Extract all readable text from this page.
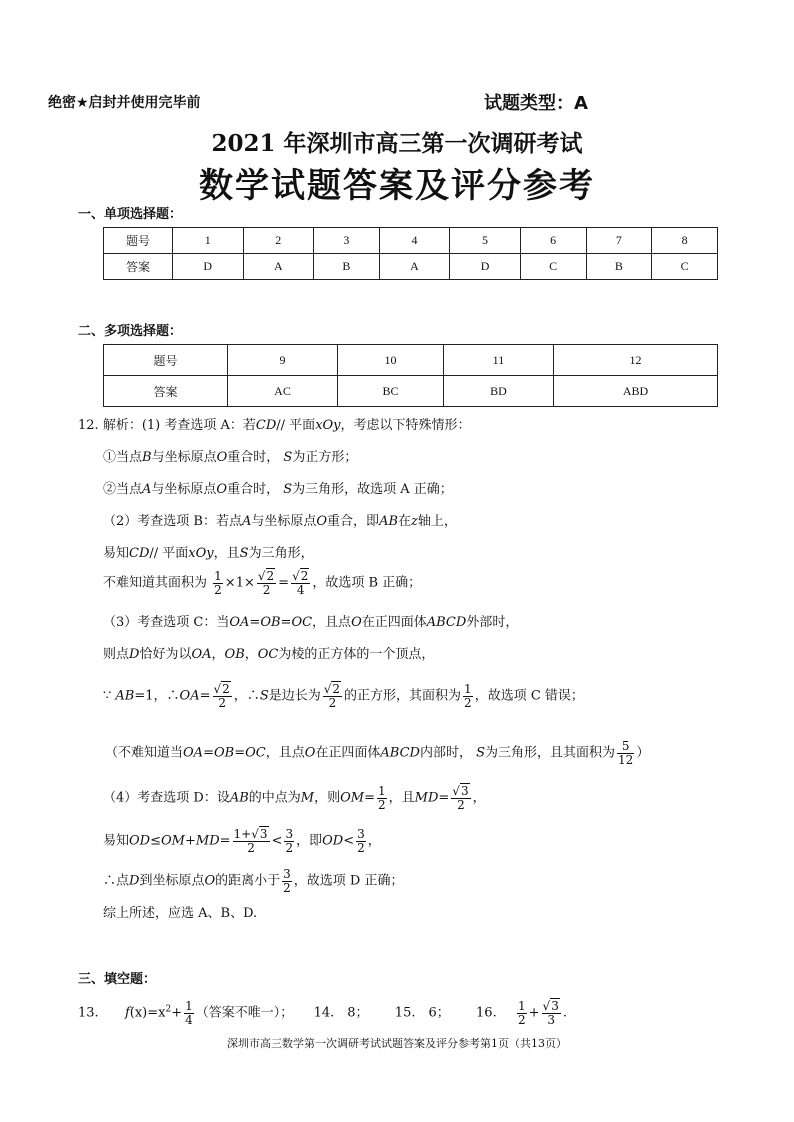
绝密★启封并使用完毕前	试题类型：A
2021 年深圳市高三第一次调研考试
数学试题答案及评分参考
一、单项选择题：
题号	1	2	3	4	5	6	7	8
答案	D	A	B	A	D	C	B	C
二、多项选择题：
题号	9	10	11	12
答案	AC	BC	BD	ABD
12. 解析：(1) 考查选项 A：若CD// 平面xOy，考虑以下特殊情形：
①当点B与坐标原点O重合时， S为正方形；
②当点A与坐标原点O重合时， S为三角形，故选项 A 正确；
（2）考查选项 B：若点A与坐标原点O重合，即AB在z轴上，
易知CD// 平面xOy，且S为三角形，
不难知道其面积为 $\frac{1}{2} \times 1\times \frac{√2}{2} = \frac{√2}{4}$ ，故选项 B 正确；
（3）考查选项 C：当OA=OB=OC，且点O在正四面体ABCD外部时，
则点D恰好为以OA，OB，OC为棱的正方体的一个顶点，
∵ AB=1，∴OA= $\frac{√2}{2}$ ，∴S是边长为 $\frac{√2}{2}$ 的正方形，其面积为 $\frac{1}{2}$ ，故选项 C 错误；
（不难知道当OA=OB=OC，且点O在正四面体ABCD内部时， S为三角形，且其面积为 $\frac{5}{12}$ ）
（4）考查选项 D：设AB的中点为M，则$OM= \frac{1}{2}$ ，且$MD= \frac{√3}{2}$ ，
易知$OD\le OM+MD= \frac{1+√3}{2} < \frac{3}{2}$ ，即$OD< \frac{3}{2}$ ，
∴点D到坐标原点O的距离小于 $\frac{3}{2}$ ，故选项 D 正确；
综上所述，应选 A、B、D.
三、填空题：
13. $f(x)=x^2+ \frac{1}{4}$ （答案不唯一）； 14.　8； 15.　6； 16. $\frac{1}{2} + \frac{√3}{3}$ .
深圳市高三数学第一次调研考试试题答案及评分参考第1页（共13页）
